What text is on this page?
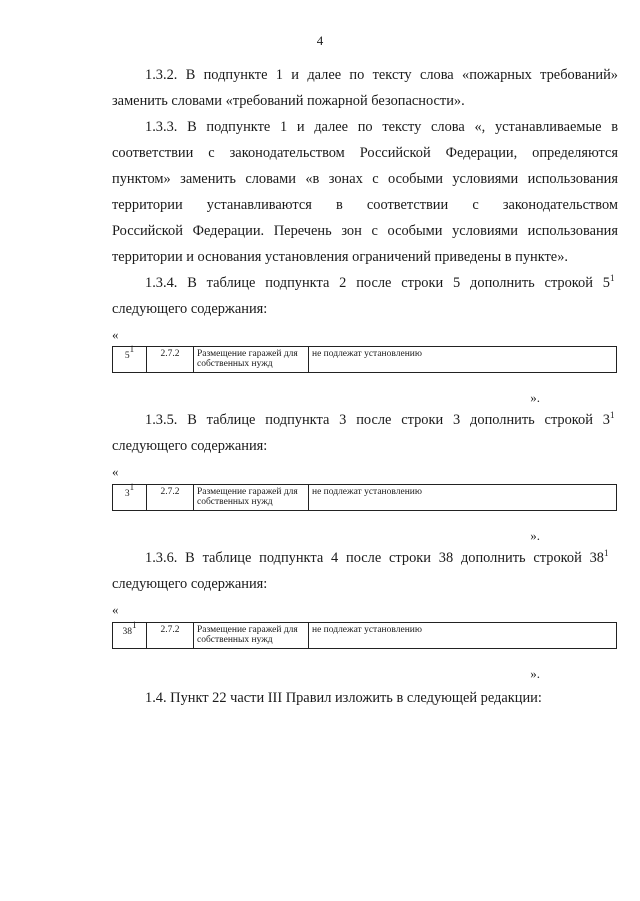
4
1.3.2. В подпункте 1 и далее по тексту слова «пожарных требований»
заменить словами «требований пожарной безопасности».
1.3.3. В подпункте 1 и далее по тексту слова «, устанавливаемые в
соответствии с законодательством Российской Федерации, определяются
пунктом» заменить словами «в зонах с особыми условиями использования
территории устанавливаются в соответствии с законодательством
Российской Федерации. Перечень зон с особыми условиями использования
территории и основания установления ограничений приведены в пункте».
1.3.4. В таблице подпункта 2 после строки 5 дополнить строкой $5^1$
следующего содержания:
«
$5^1$	2.7.2	Размещение гаражей для собственных нужд	не подлежат установлению
».
1.3.5. В таблице подпункта 3 после строки 3 дополнить строкой $3^1$
следующего содержания:
«
$3^1$	2.7.2	Размещение гаражей для собственных нужд	не подлежат установлению
».
1.3.6. В таблице подпункта 4 после строки 38 дополнить строкой $38^1$
следующего содержания:
«
$38^1$	2.7.2	Размещение гаражей для собственных нужд	не подлежат установлению
».
1.4. Пункт 22 части III Правил изложить в следующей редакции:
